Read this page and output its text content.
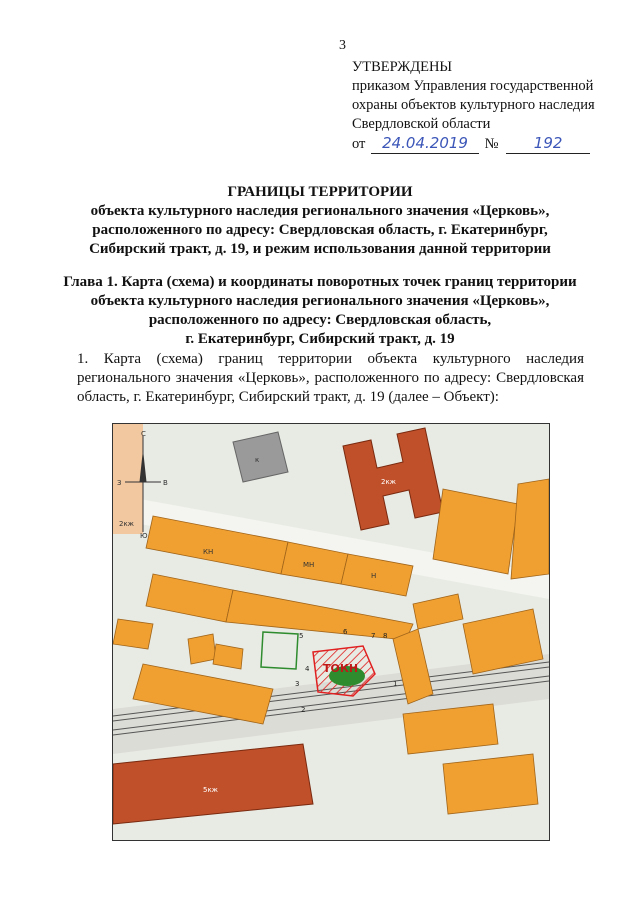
3
УТВЕРЖДЕНЫ
приказом Управления государственной
охраны объектов культурного наследия
Свердловской области
от 24.04.2019 № 192
ГРАНИЦЫ ТЕРРИТОРИИ
объекта культурного наследия регионального значения «Церковь»,
расположенного по адресу: Свердловская область, г. Екатеринбург,
Сибирский тракт, д. 19, и режим использования данной территории
Глава 1. Карта (схема) и координаты поворотных точек границ территории
объекта культурного наследия регионального значения «Церковь»,
расположенного по адресу: Свердловская область,
г. Екатеринбург, Сибирский тракт, д. 19
1. Карта (схема) границ территории объекта культурного наследия регионального значения «Церковь», расположенного по адресу: Свердловская область, г. Екатеринбург, Сибирский тракт, д. 19 (далее – Объект):
С
Ю
З	В
ТОКН
2кж
5кж
2кж
к
КН
МН
Н
1
2
3
4
5	6	7 8
